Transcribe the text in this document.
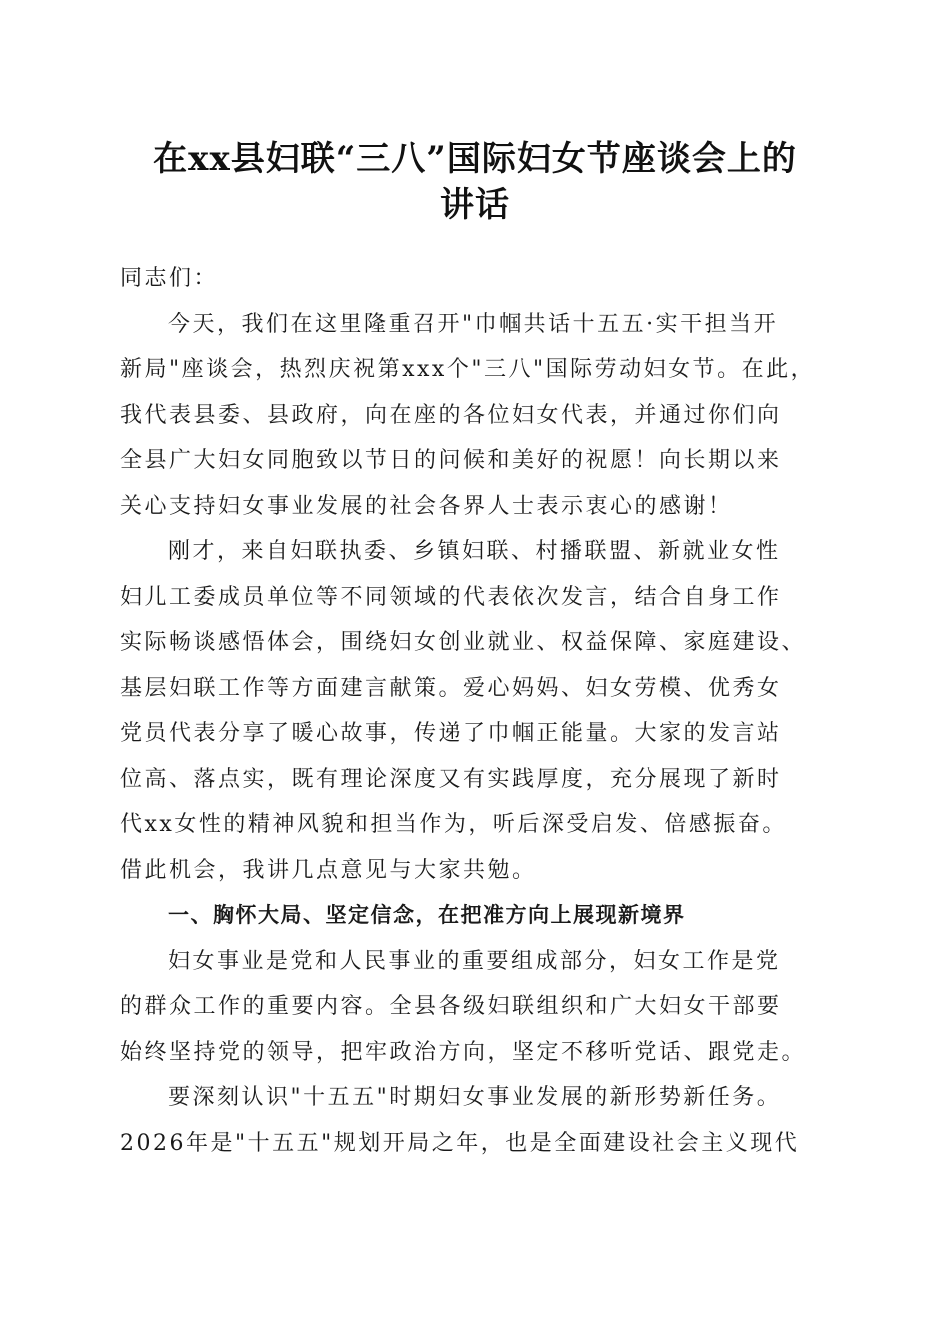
在xx县妇联“三八”国际妇女节座谈会上的
讲话
同志们：
今天，我们在这里隆重召开"巾帼共话十五五·实干担当开
新局"座谈会，热烈庆祝第xxx个"三八"国际劳动妇女节。在此，
我代表县委、县政府，向在座的各位妇女代表，并通过你们向
全县广大妇女同胞致以节日的问候和美好的祝愿！向长期以来
关心支持妇女事业发展的社会各界人士表示衷心的感谢！
刚才，来自妇联执委、乡镇妇联、村播联盟、新就业女性
妇儿工委成员单位等不同领域的代表依次发言，结合自身工作
实际畅谈感悟体会，围绕妇女创业就业、权益保障、家庭建设、
基层妇联工作等方面建言献策。爱心妈妈、妇女劳模、优秀女
党员代表分享了暖心故事，传递了巾帼正能量。大家的发言站
位高、落点实，既有理论深度又有实践厚度，充分展现了新时
代xx女性的精神风貌和担当作为，听后深受启发、倍感振奋。
借此机会，我讲几点意见与大家共勉。
一、胸怀大局、坚定信念，在把准方向上展现新境界
妇女事业是党和人民事业的重要组成部分，妇女工作是党
的群众工作的重要内容。全县各级妇联组织和广大妇女干部要
始终坚持党的领导，把牢政治方向，坚定不移听党话、跟党走。
要深刻认识"十五五"时期妇女事业发展的新形势新任务。
2026年是"十五五"规划开局之年，也是全面建设社会主义现代
